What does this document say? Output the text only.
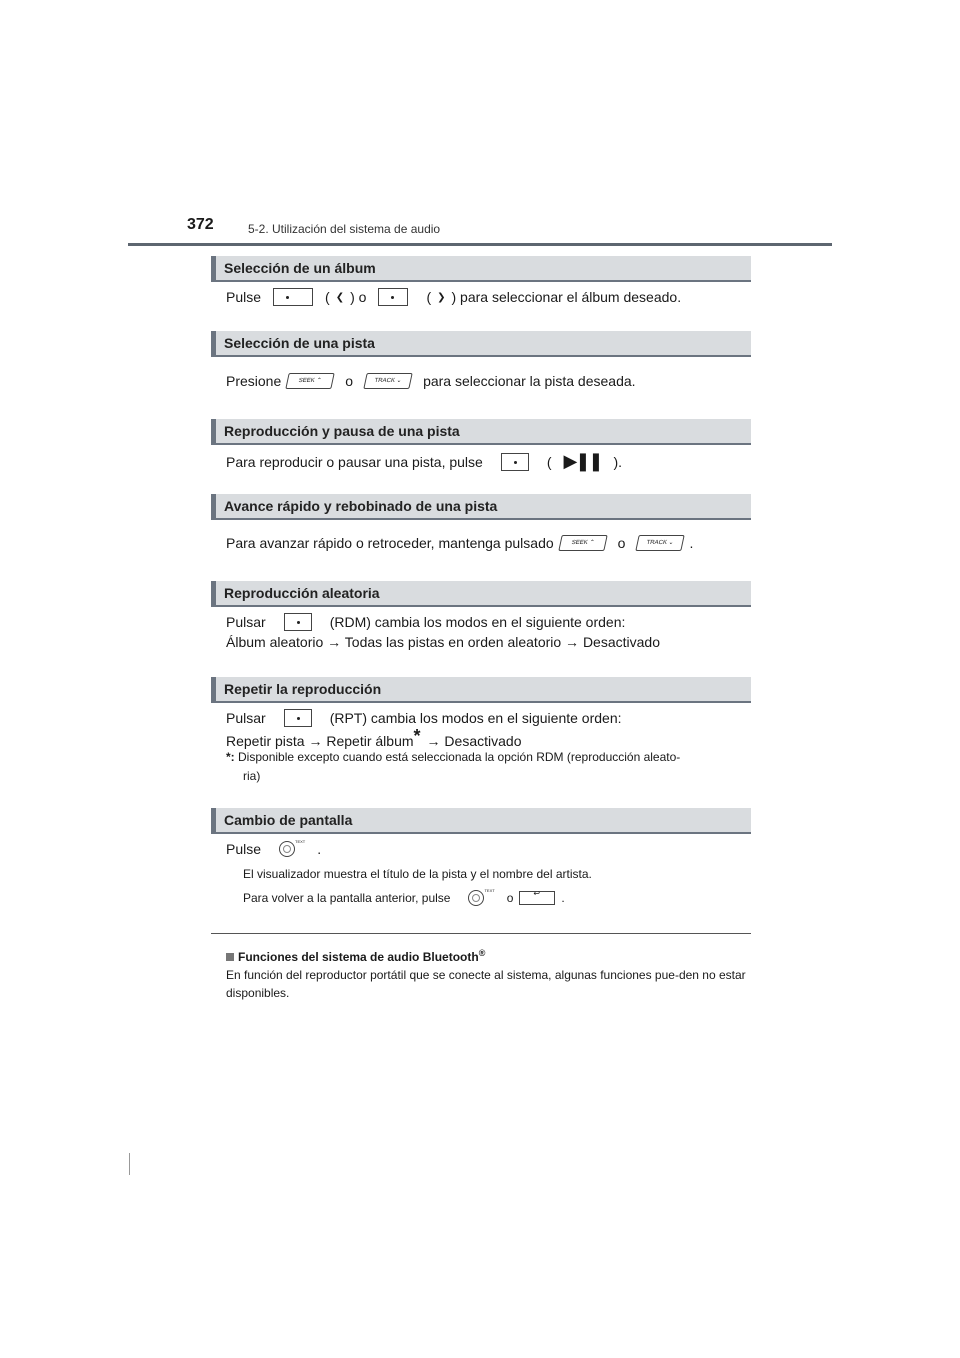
372	5-2. Utilización del sistema de audio
Selección de un álbum
Pulse	( ❮ ) o	( ❯ ) para seleccionar el álbum deseado.
Selección de una pista
Presione	SEEK ⌃	o	TRACK ⌄	para seleccionar la pista deseada.
Reproducción y pausa de una pista
Para reproducir o pausar una pista, pulse	( ▶❚❚ ).
Avance rápido y rebobinado de una pista
Para avanzar rápido o retroceder, mantenga pulsado	SEEK ⌃	o	TRACK ⌄	.
Reproducción aleatoria
Pulsar	(RDM) cambia los modos en el siguiente orden:
Álbum aleatorio → Todas las pistas en orden aleatorio → Desactivado
Repetir la reproducción
Pulsar	(RPT) cambia los modos en el siguiente orden:
Repetir pista → Repetir álbum * → Desactivado
*: Disponible excepto cuando está seleccionada la opción RDM (reproducción aleato-
ria)
Cambio de pantalla
Pulse	TEXT .
El visualizador muestra el título de la pista y el nombre del artista.
Para volver a la pantalla anterior, pulse
TEXT
o
↩	.
Funciones del sistema de audio Bluetooth®
En función del reproductor portátil que se conecte al sistema, algunas funciones pue-den no estar disponibles.
